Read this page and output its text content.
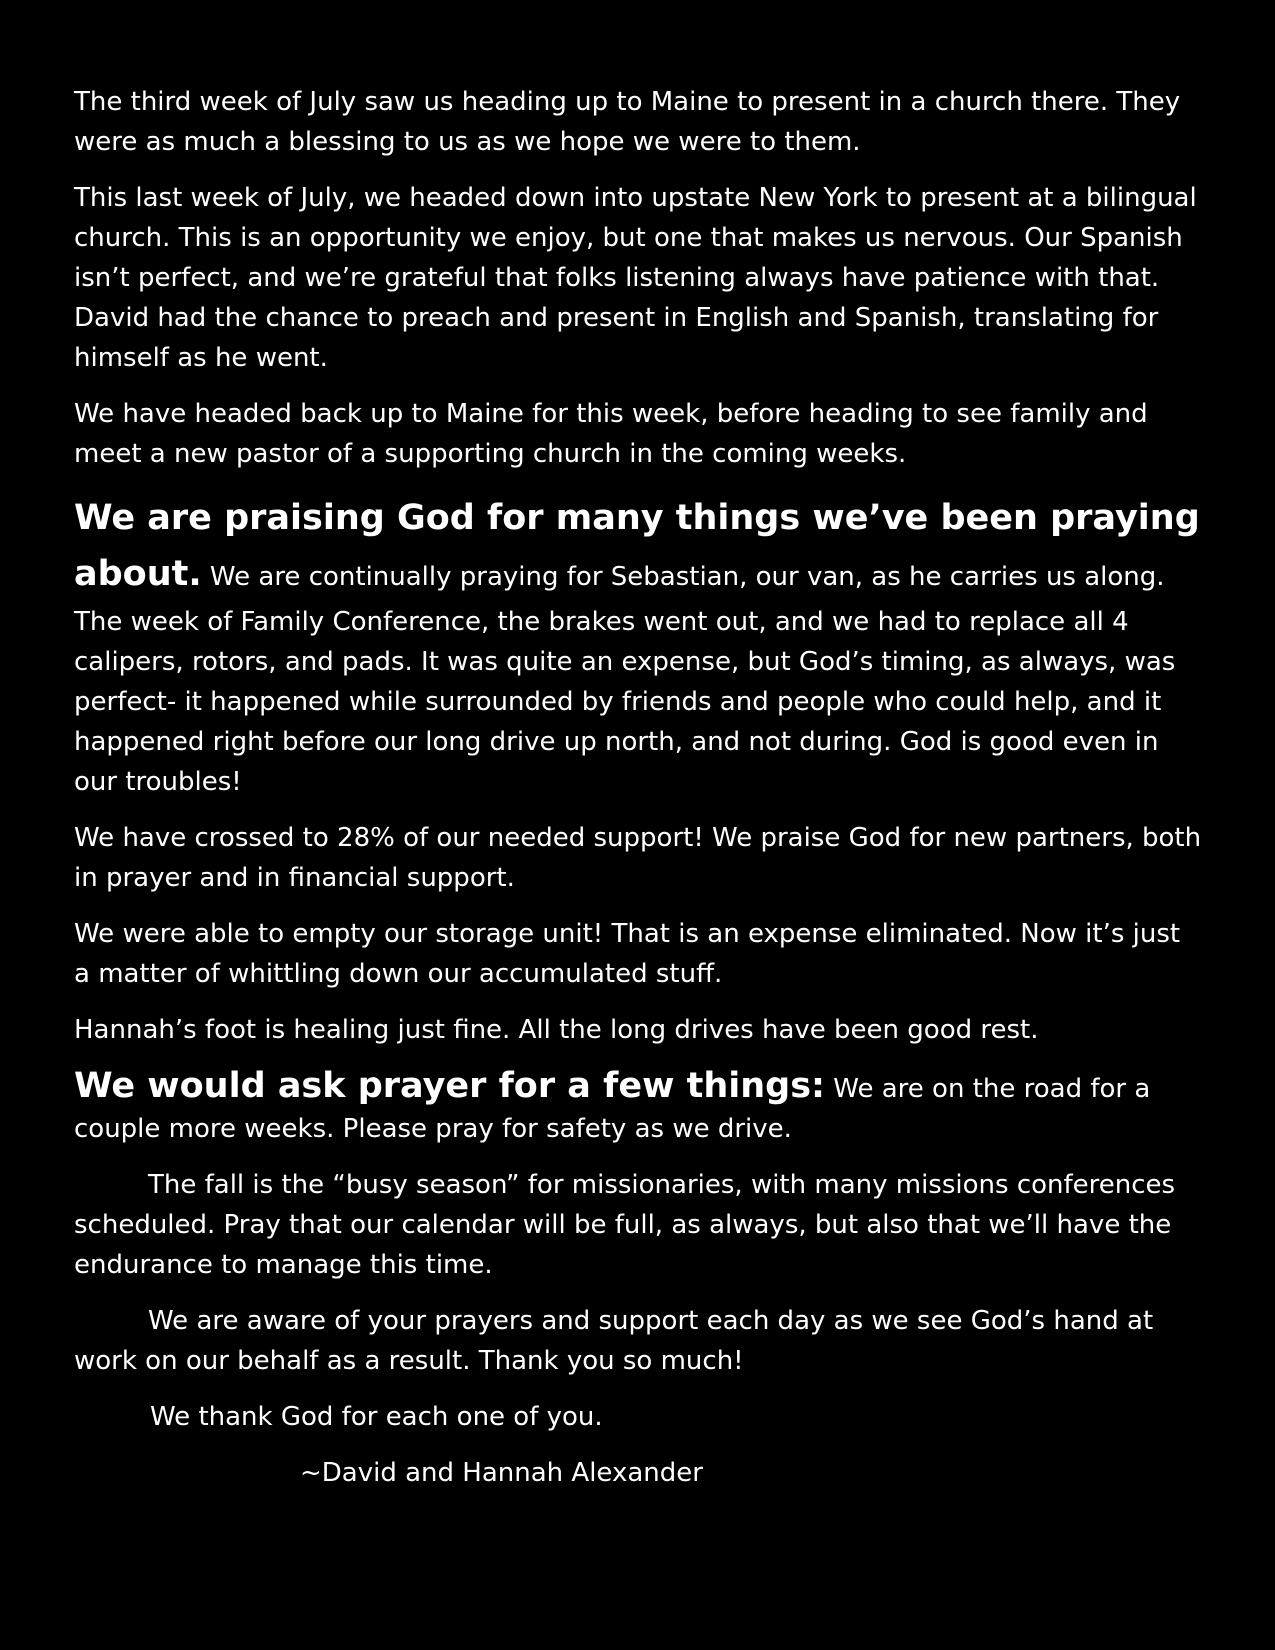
The third week of July saw us heading up to Maine to present in a church there. They were as much a blessing to us as we hope we were to them.

This last week of July, we headed down into upstate New York to present at a bilingual church. This is an opportunity we enjoy, but one that makes us nervous. Our Spanish isn’t perfect, and we’re grateful that folks listening always have patience with that. David had the chance to preach and present in English and Spanish, translating for himself as he went.

We have headed back up to Maine for this week, before heading to see family and meet a new pastor of a supporting church in the coming weeks.

We are praising God for many things we’ve been praying about. We are continually praying for Sebastian, our van, as he carries us along. The week of Family Conference, the brakes went out, and we had to replace all 4 calipers, rotors, and pads. It was quite an expense, but God’s timing, as always, was perfect- it happened while surrounded by friends and people who could help, and it happened right before our long drive up north, and not during. God is good even in our troubles!

We have crossed to 28% of our needed support! We praise God for new partners, both in prayer and in financial support.

We were able to empty our storage unit! That is an expense eliminated. Now it’s just a matter of whittling down our accumulated stuff.

Hannah’s foot is healing just fine. All the long drives have been good rest.

We would ask prayer for a few things: We are on the road for a couple more weeks. Please pray for safety as we drive.

The fall is the “busy season” for missionaries, with many missions conferences scheduled. Pray that our calendar will be full, as always, but also that we’ll have the endurance to manage this time.

We are aware of your prayers and support each day as we see God’s hand at work on our behalf as a result. Thank you so much!

We thank God for each one of you.

~David and Hannah Alexander
